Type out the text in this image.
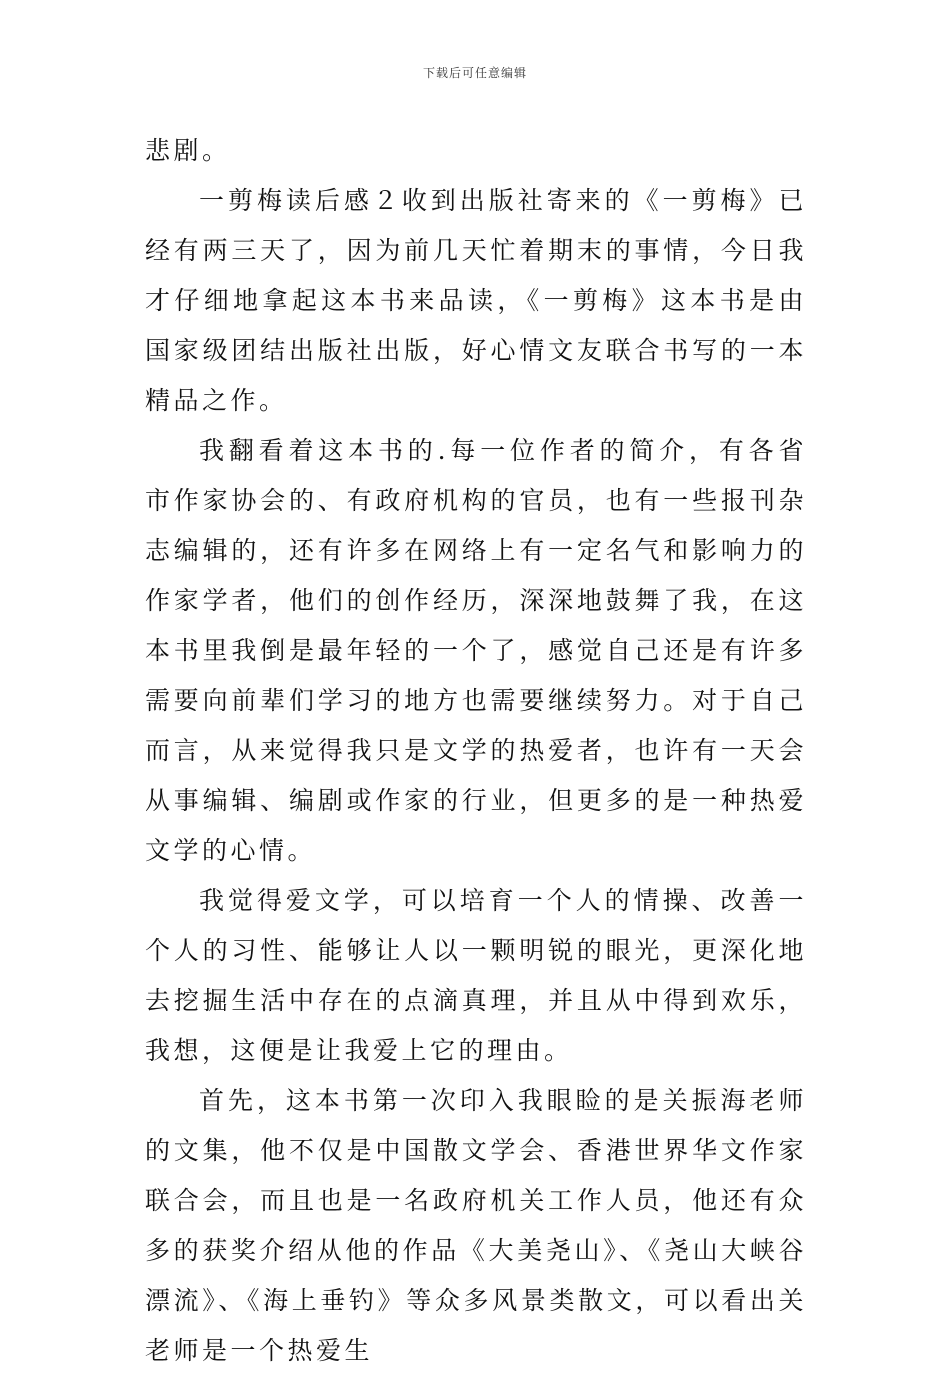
下载后可任意编辑

悲剧。

一剪梅读后感２收到出版社寄来的《一剪梅》已经有两三天了，因为前几天忙着期末的事情，今日我才仔细地拿起这本书来品读，《一剪梅》这本书是由国家级团结出版社出版，好心情文友联合书写的一本精品之作。

我翻看着这本书的.每一位作者的简介，有各省市作家协会的、有政府机构的官员，也有一些报刊杂志编辑的，还有许多在网络上有一定名气和影响力的作家学者，他们的创作经历，深深地鼓舞了我，在这本书里我倒是最年轻的一个了，感觉自己还是有许多需要向前辈们学习的地方也需要继续努力。对于自己而言，从来觉得我只是文学的热爱者，也许有一天会从事编辑、编剧或作家的行业，但更多的是一种热爱文学的心情。

我觉得爱文学，可以培育一个人的情操、改善一个人的习性、能够让人以一颗明锐的眼光，更深化地去挖掘生活中存在的点滴真理，并且从中得到欢乐，我想，这便是让我爱上它的理由。

首先，这本书第一次印入我眼睑的是关振海老师的文集，他不仅是中国散文学会、香港世界华文作家联合会，而且也是一名政府机关工作人员，他还有众多的获奖介绍从他的作品《大美尧山》、《尧山大峡谷漂流》、《海上垂钓》等众多风景类散文，可以看出关老师是一个热爱生
